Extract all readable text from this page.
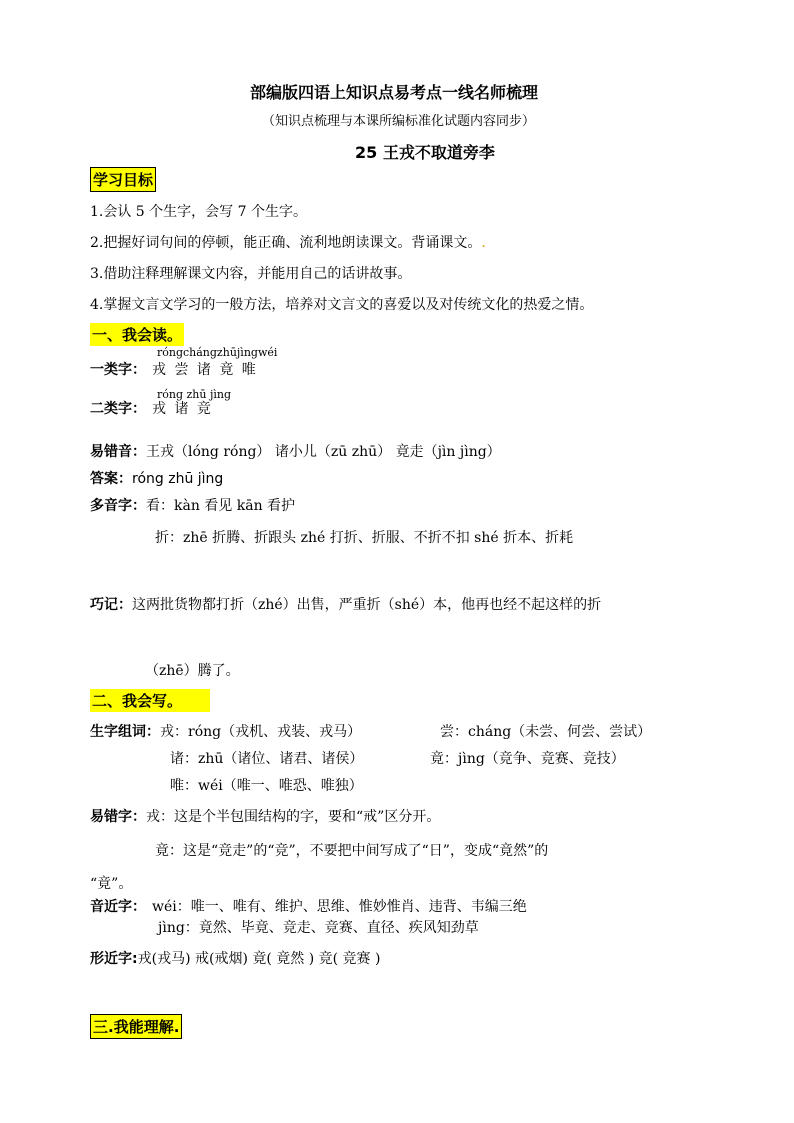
部编版四语上知识点易考点一线名师梳理
（知识点梳理与本课所编标准化试题内容同步）
25 王戎不取道旁李
学习目标
1.会认 5 个生字，会写 7 个生字。
2.把握好词句间的停顿，能正确、流利地朗读课文。背诵课文。.
3.借助注释理解课文内容，并能用自己的话讲故事。
4.掌握文言文学习的一般方法，培养对文言文的喜爱以及对传统文化的热爱之情。
一、我会读。
róngchángzhūjìngwéi
一类字： 戎 尝 诸 竟 唯
róng zhū jìng
二类字： 戎 诸 竞
易错音：王戎（lóng róng） 诸小儿（zū zhū） 竟走（jìn jìng）
答案：róng zhū jìng
多音字：看：kàn 看见 kān 看护
折：zhē 折腾、折跟头 zhé 打折、折服、不折不扣 shé 折本、折耗
巧记：这两批货物都打折（zhé）出售，严重折（shé）本，他再也经不起这样的折
（zhē）腾了。
二、我会写。
生字组词：戎：róng（戎机、戎装、戎马）	尝：cháng（未尝、何尝、尝试）
诸：zhū（诸位、诸君、诸侯）	竟：jìng（竞争、竞赛、竞技）
唯：wéi（唯一、唯恐、唯独）
易错字：戎：这是个半包围结构的字，要和“戒”区分开。
竟：这是“竞走”的“竞”，不要把中间写成了“日”，变成“竟然”的
“竟”。
音近字： wéi：唯一、唯有、维护、思维、惟妙惟肖、违背、韦编三绝
jìng：竟然、毕竟、竞走、竞赛、直径、疾风知劲草
形近字:戎(戎马) 戒(戒烟) 竟( 竟然 ) 竞( 竞赛 )
三.我能理解.
